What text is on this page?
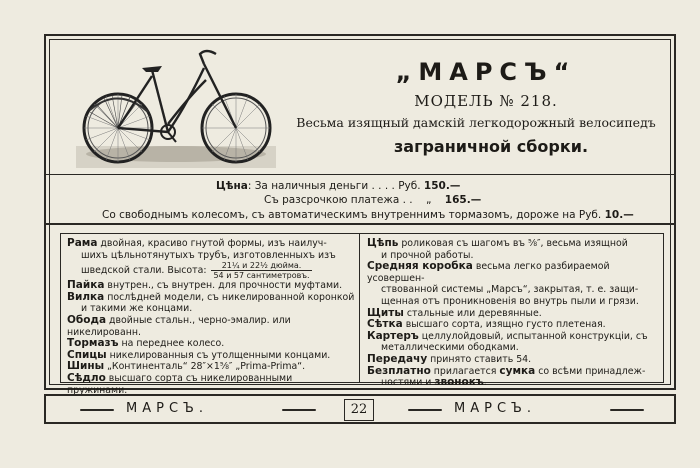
„МАРСЪ“
МОДЕЛЬ № 218.
Весьма изящный дамскій легкодорожный велосипедъ
заграничной сборки.
Цѣна: За наличныя деньги . . . . Руб. 150.—
Съ разсрочкою платежа . . „ 165.—
Со свободнымъ колесомъ, съ автоматическимъ внутреннимъ тормазомъ, дороже на Руб. 10.—
Рама двойная, красиво гнутой формы, изъ наилуч-
шихъ цѣльнотянутыхъ трубъ, изготовленныхъ изъ
шведской стали. Высота: $\frac{\text{21¼ и 22½ дюйма.}}{\text{54 и 57 сантиметровъ.}}$
Пайка внутрен., съ внутрен. для прочности муфтами.
Вилка послѣдней модели, съ никелированной коронкой
и такими же концами.
Обода двойные стальн., черно-эмалир. или никелированн.
Тормазъ на переднее колесо.
Спицы никелированныя съ утолщенными концами.
Шины „Континенталь“ 28″×1⅝″ „Prima-Prima“.
Сѣдло высшаго сорта съ никелированными пружинами.
Цѣпь роликовая съ шагомъ въ ⅝″, весьма изящной
и прочной работы.
Средняя коробка весьма легко разбираемой усовершен-
ствованной системы „Марсъ“, закрытая, т. е. защи-
щенная отъ проникновенія во внутрь пыли и грязи.
Щиты стальные или деревянные.
Сѣтка высшаго сорта, изящно густо плетеная.
Картеръ целлулойдовый, испытанной конструкціи, съ
металлическими ободками.
Передачу принято ставить 54.
Безплатно прилагается сумка со всѣми принадлеж-
ностями и звонокъ.
МАРСЪ.	22	МАРСЪ.
